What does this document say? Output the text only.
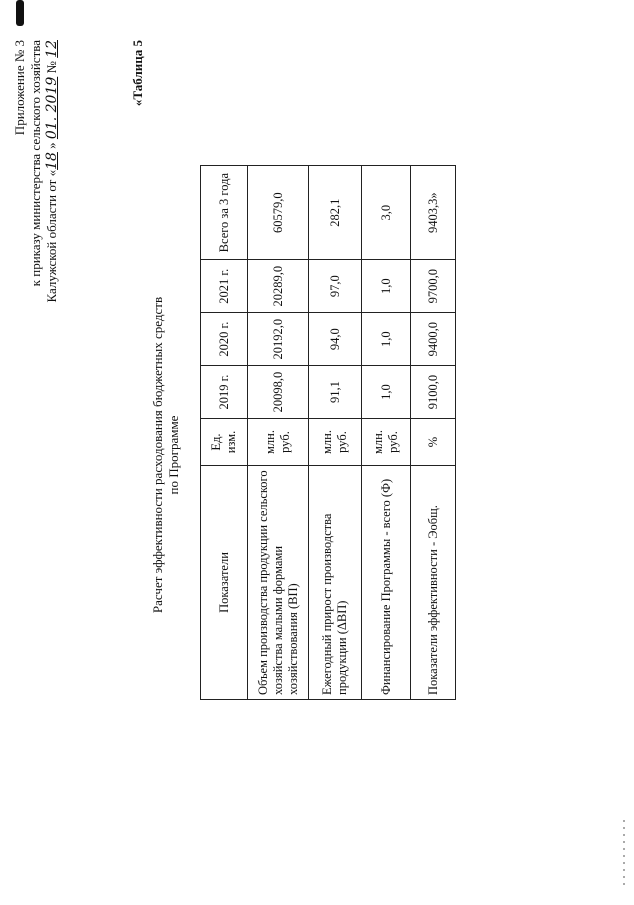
Приложение № 3 к приказу министерства сельского хозяйства Калужской области от «18 » 01. 2019 № 12	«Таблица 5
Расчет эффективности расходования бюджетных средств по Программе
Показатели	Ед. изм.	2019 г.	2020 г.	2021 г.	Всего за 3 года
Объем производства продукции сельского хозяйства малыми формами хозяйствования (ВП)	млн. руб.	20098,0	20192,0	20289,0	60579,0
Ежегодный прирост производства продукции (ΔВП)	млн. руб.	91,1	94,0	97,0	282,1
Финансирование Программы - всего (Ф)	млн. руб.	1,0	1,0	1,0	3,0
Показатели эффективности - Эобщ.	%	9100,0	9400,0	9700,0	9403,3»
